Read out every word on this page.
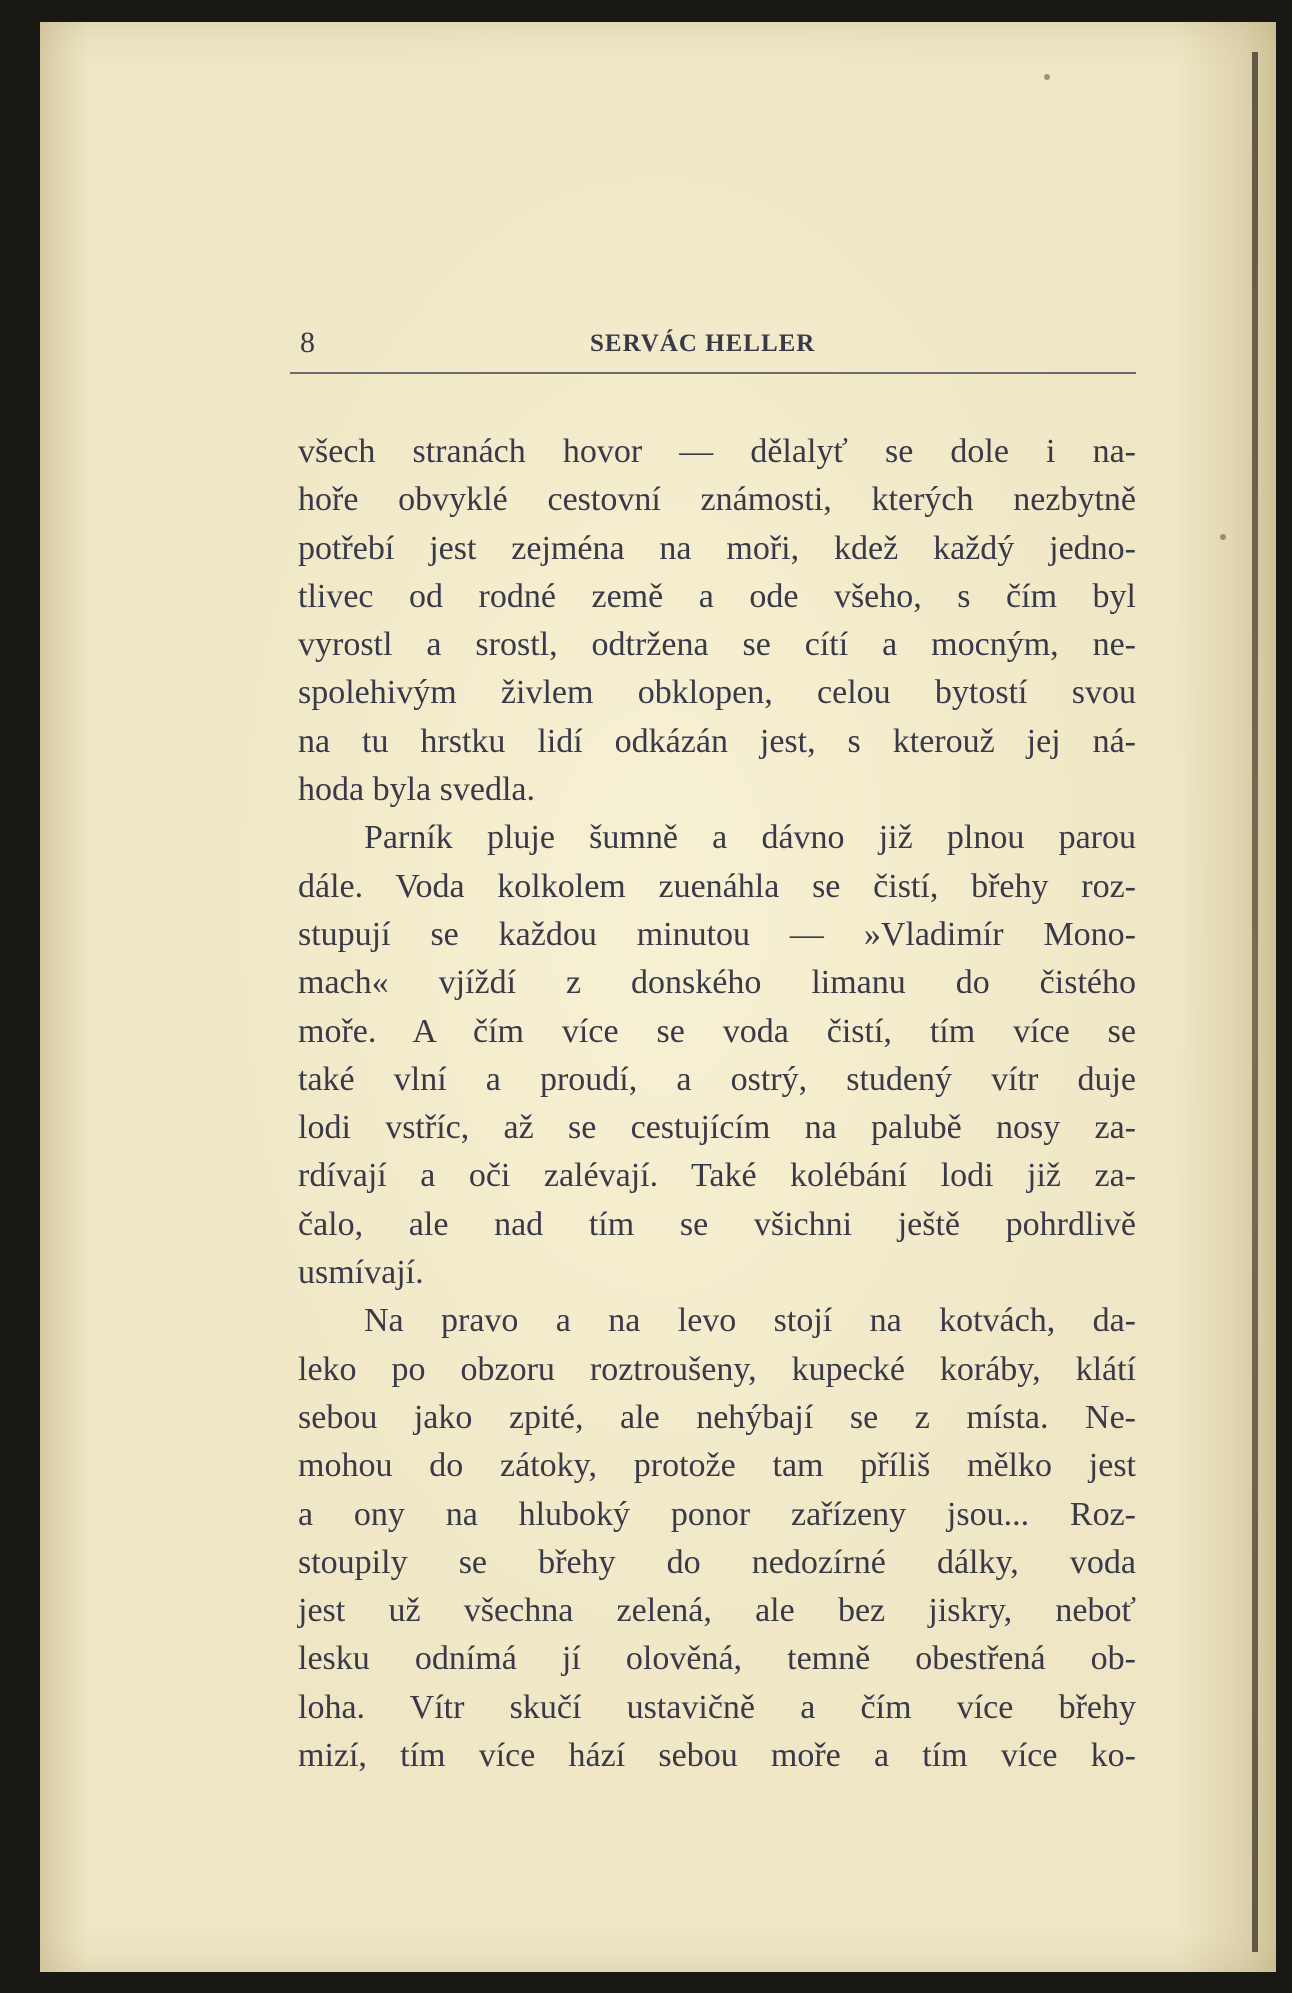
8	SERVÁC HELLER
všech stranách hovor — dělalyť se dole i na-
hoře obvyklé cestovní známosti, kterých nezbytně
potřebí jest zejména na moři, kdež každý jedno-
tlivec od rodné země a ode všeho, s čím byl
vyrostl a srostl, odtržena se cítí a mocným, ne-
spolehivým živlem obklopen, celou bytostí svou
na tu hrstku lidí odkázán jest, s kterouž jej ná-
hoda byla svedla.
Parník pluje šumně a dávno již plnou parou
dále. Voda kolkolem zuenáhla se čistí, břehy roz-
stupují se každou minutou — »Vladimír Mono-
mach« vjíždí z donského limanu do čistého
moře. A čím více se voda čistí, tím více se
také vlní a proudí, a ostrý, studený vítr duje
lodi vstříc, až se cestujícím na palubě nosy za-
rdívají a oči zalévají. Také kolébání lodi již za-
čalo, ale nad tím se všichni ještě pohrdlivě
usmívají.
Na pravo a na levo stojí na kotvách, da-
leko po obzoru roztroušeny, kupecké koráby, klátí
sebou jako zpité, ale nehýbají se z místa. Ne-
mohou do zátoky, protože tam příliš mělko jest
a ony na hluboký ponor zařízeny jsou... Roz-
stoupily se břehy do nedozírné dálky, voda
jest už všechna zelená, ale bez jiskry, neboť
lesku odnímá jí olověná, temně obestřená ob-
loha. Vítr skučí ustavičně a čím více břehy
mizí, tím více hází sebou moře a tím více ko-
